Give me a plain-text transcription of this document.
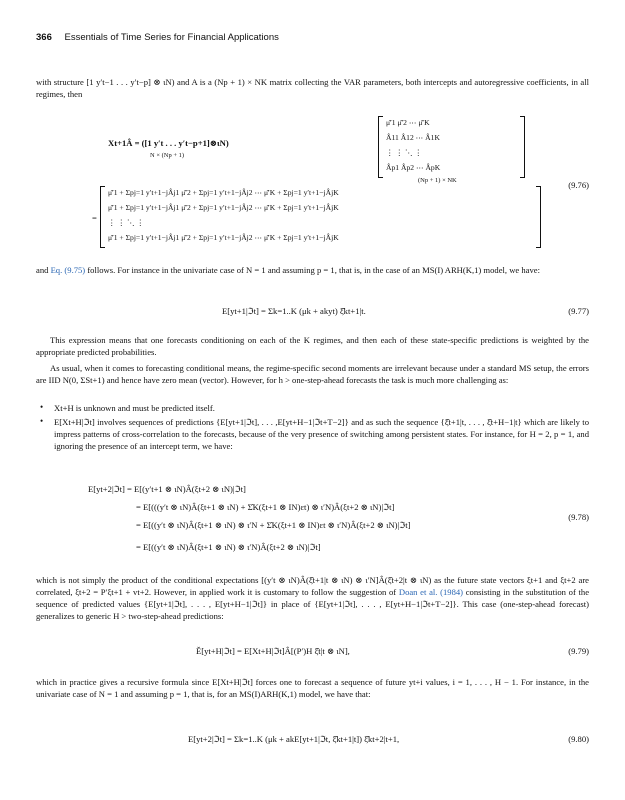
366 Essentials of Time Series for Financial Applications
with structure [1 y′t−1 . . . y′t−p] ⊗ ιN) and A is a (Np + 1) × NK matrix collecting the VAR parameters, both intercepts and autoregressive coefficients, in all regimes, then
Xt+1Â = ([1 y′t . . . y′t−p+1]⊗ιN)
N × (Np + 1)
μ̂′1 μ̂′2 ⋯ μ̂′K
Â11 Â12 ⋯ Â1K
⋮ ⋮ ⋱ ⋮
Âp1 Âp2 ⋯ ÂpK
(Np + 1) × NK
=
μ̂′1 + Σpj=1 y′t+1−jÂj1 μ̂′2 + Σpj=1 y′t+1−jÂj2 ⋯ μ̂′K + Σpj=1 y′t+1−jÂjK
μ̂′1 + Σpj=1 y′t+1−jÂj1 μ̂′2 + Σpj=1 y′t+1−jÂj2 ⋯ μ̂′K + Σpj=1 y′t+1−jÂjK
⋮ ⋮ ⋱ ⋮
μ̂′1 + Σpj=1 y′t+1−jÂj1 μ̂′2 + Σpj=1 y′t+1−jÂj2 ⋯ μ̂′K + Σpj=1 y′t+1−jÂjK
(9.76)
and Eq. (9.75) follows. For instance in the univariate case of N = 1 and assuming p = 1, that is, in the case of an MS(I) ARH(K,1) model, we have:
E[yt+1|ℑt] = Σk=1..K (μk + akyt) ξ̂kt+1|t.	(9.77)
This expression means that one forecasts conditioning on each of the K regimes, and then each of these state-specific predictions is weighted by the appropriate predicted probabilities.
As usual, when it comes to forecasting conditional means, the regime-specific second moments are irrelevant because under a standard MS setup, the errors are IID N(0, ΣSt+1) and hence have zero mean (vector). However, for h > one-step-ahead forecasts the task is much more challenging as:
• Xt+H is unknown and must be predicted itself.
• E[Xt+H|ℑt] involves sequences of predictions {E[yt+1|ℑt], . . . ,E[yt+H−1|ℑt+T−2]} and as such the sequence {ξ̂t+1|t, . . . , ξ̂t+H−1|t} which are likely to impress patterns of cross-correlation to the forecasts, because of the very presence of switching among persistent states. For instance, for H = 2, p = 1, and ignoring the presence of an intercept term, we have:
E[yt+2|ℑt] = E[(y′t+1 ⊗ ιN)Â(ξt+2 ⊗ ιN)|ℑt]
= E[(((y′t ⊗ ιN)Â(ξt+1 ⊗ ιN) + Σ̂K(ξt+1 ⊗ IN)εt) ⊗ ι′N)Â(ξt+2 ⊗ ιN)|ℑt]
= E[((y′t ⊗ ιN)Â(ξt+1 ⊗ ιN) ⊗ ι′N + Σ̂K(ξt+1 ⊗ IN)εt ⊗ ι′N)Â(ξt+2 ⊗ ιN)|ℑt]
= E[((y′t ⊗ ιN)Â(ξt+1 ⊗ ιN) ⊗ ι′N)Â(ξt+2 ⊗ ιN)|ℑt]
(9.78)
which is not simply the product of the conditional expectations [(y′t ⊗ ιN)Â(ξ̂t+1|t ⊗ ιN) ⊗ ι′N]Â(ξ̂t+2|t ⊗ ιN) as the future state vectors ξt+1 and ξt+2 are correlated, ξt+2 = P′ξt+1 + vt+2. However, in applied work it is customary to follow the suggestion of Doan et al. (1984) consisting in the substitution of the sequence of predicted values {E[yt+1|ℑt], . . . , E[yt+H−1|ℑt]} in place of {E[yt+1|ℑt], . . . , E[yt+H−1|ℑt+T−2]}. This case (one-step-ahead forecast) generalizes to generic H > two-step-ahead predictions:
Ě[yt+H|ℑt] = E[Xt+H|ℑt]Â[(P′)H ξ̂t|t ⊗ ιN],	(9.79)
which in practice gives a recursive formula since E[Xt+H|ℑt] forces one to forecast a sequence of future yt+i values, i = 1, . . . , H − 1. For instance, in the univariate case of N = 1 and assuming p = 1, that is, for an MS(I)ARH(K,1) model, we have that:
E[yt+2|ℑt] = Σk=1..K (μk + akE[yt+1|ℑt, ξ̂kt+1|t]) ξ̂kt+2|t+1,	(9.80)
